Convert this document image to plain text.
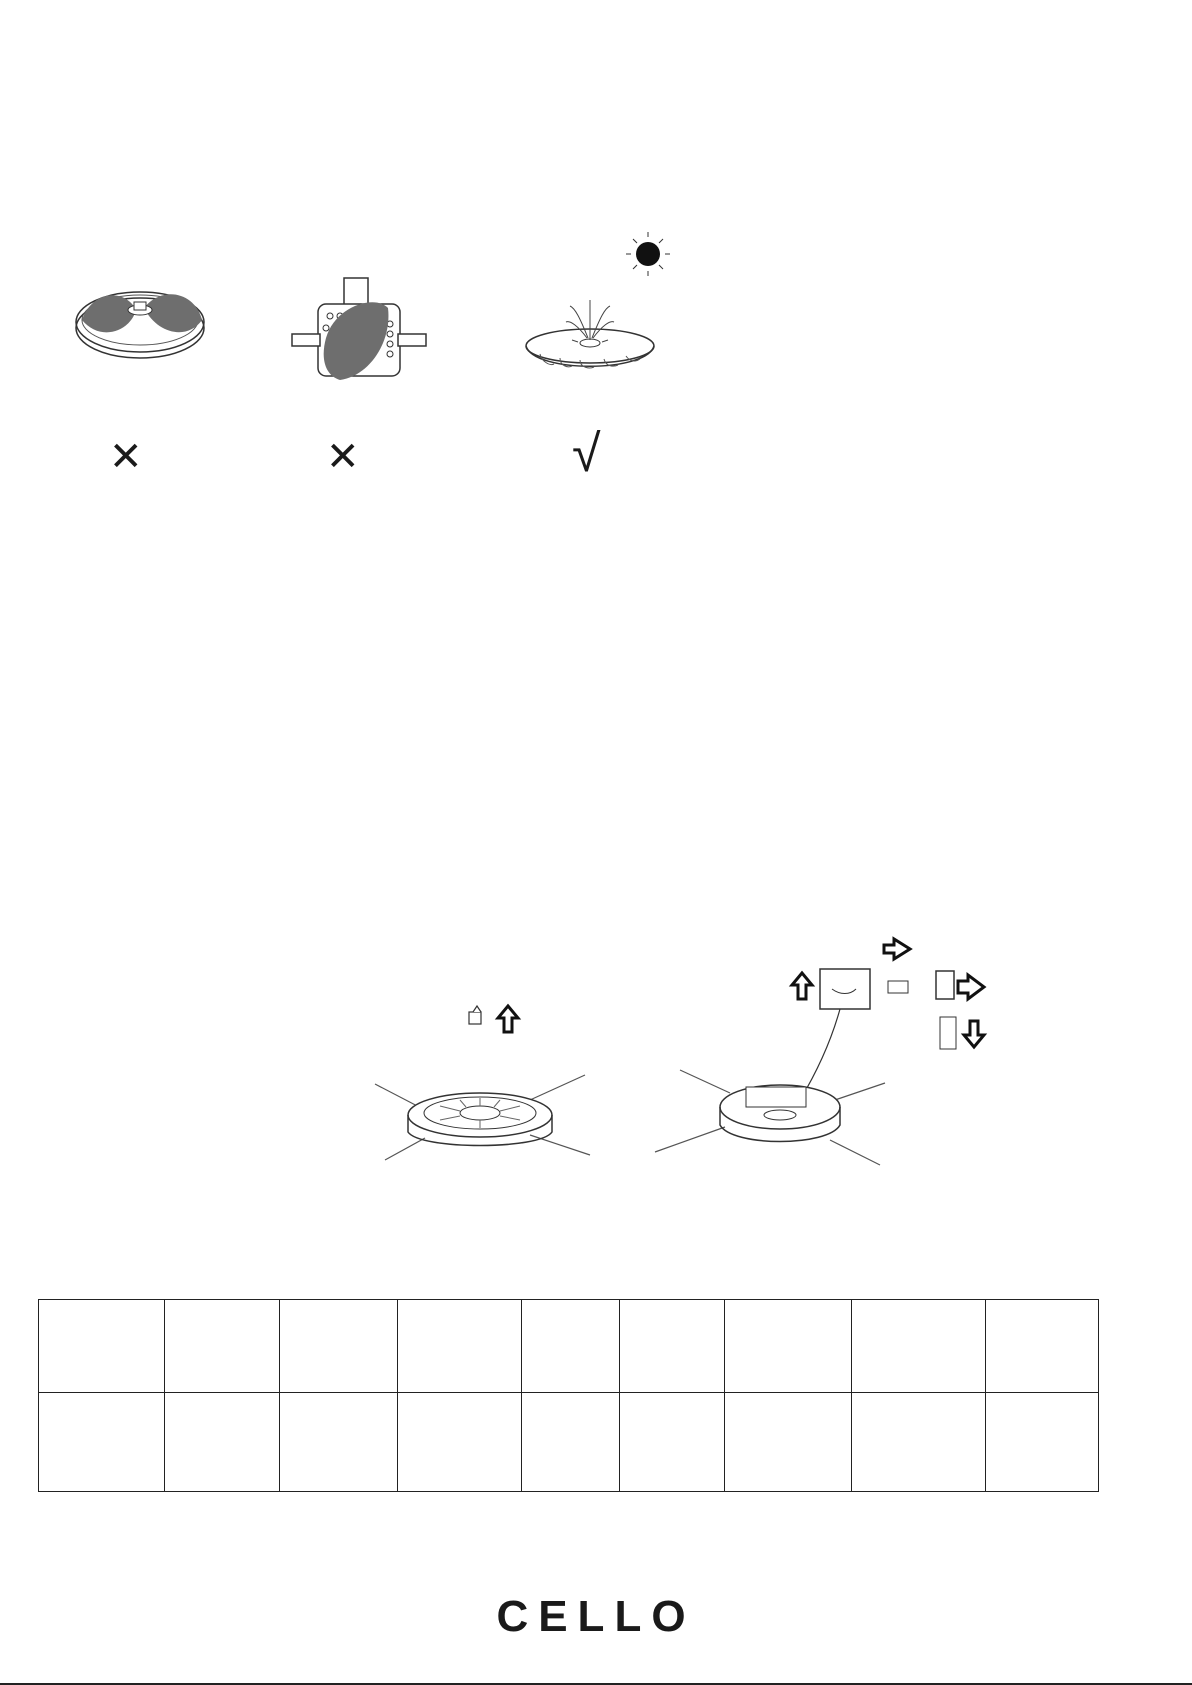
✕	✕	√

CELLO
